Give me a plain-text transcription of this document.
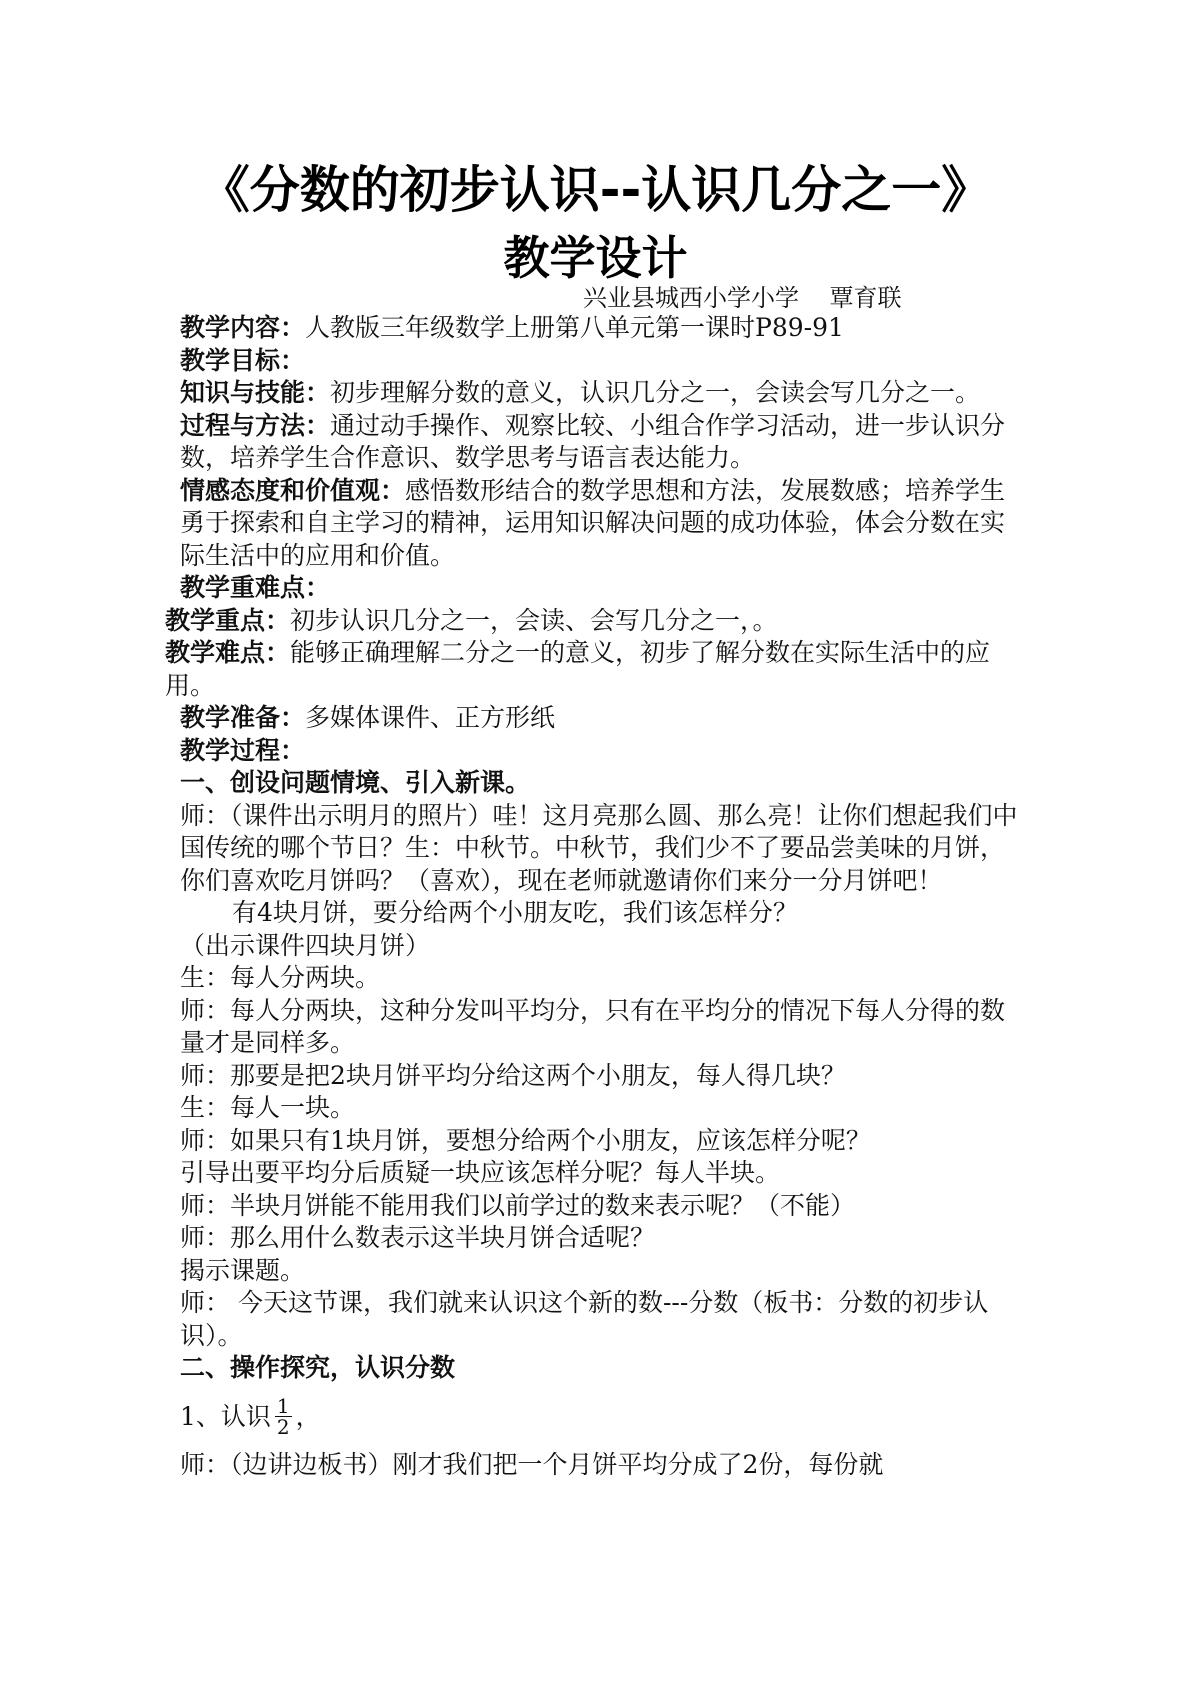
《分数的初步认识--认识几分之一》
教学设计
兴业县城西小学小学    覃育联

教学内容：人教版三年级数学上册第八单元第一课时P89-91

教学目标：

知识与技能：初步理解分数的意义，认识几分之一，会读会写几分之一。

过程与方法：通过动手操作、观察比较、小组合作学习活动，进一步认识分数，培养学生合作意识、数学思考与语言表达能力。

情感态度和价值观：感悟数形结合的数学思想和方法，发展数感；培养学生勇于探索和自主学习的精神，运用知识解决问题的成功体验，体会分数在实际生活中的应用和价值。

教学重难点：

教学重点：初步认识几分之一，会读、会写几分之一，。

教学难点：能够正确理解二分之一的意义，初步了解分数在实际生活中的应用。

教学准备：多媒体课件、正方形纸

教学过程：

一、创设问题情境、引入新课。

师：（课件出示明月的照片）哇！这月亮那么圆、那么亮！让你们想起我们中国传统的哪个节日？生：中秋节。中秋节，我们少不了要品尝美味的月饼，你们喜欢吃月饼吗？（喜欢），现在老师就邀请你们来分一分月饼吧！

有4块月饼，要分给两个小朋友吃，我们该怎样分？

（出示课件四块月饼）

生：每人分两块。

师：每人分两块，这种分发叫平均分，只有在平均分的情况下每人分得的数量才是同样多。

师：那要是把2块月饼平均分给这两个小朋友，每人得几块？

生：每人一块。

师：如果只有1块月饼，要想分给两个小朋友，应该怎样分呢？

引导出要平均分后质疑一块应该怎样分呢？每人半块。

师：半块月饼能不能用我们以前学过的数来表示呢？（不能）

师：那么用什么数表示这半块月饼合适呢？

揭示课题。

师： 今天这节课，我们就来认识这个新的数---分数（板书：分数的初步认识）。

二、操作探究，认识分数

1、认识 $\frac{1}{2}$ ，

师：（边讲边板书）刚才我们把一个月饼平均分成了2份，每份就
